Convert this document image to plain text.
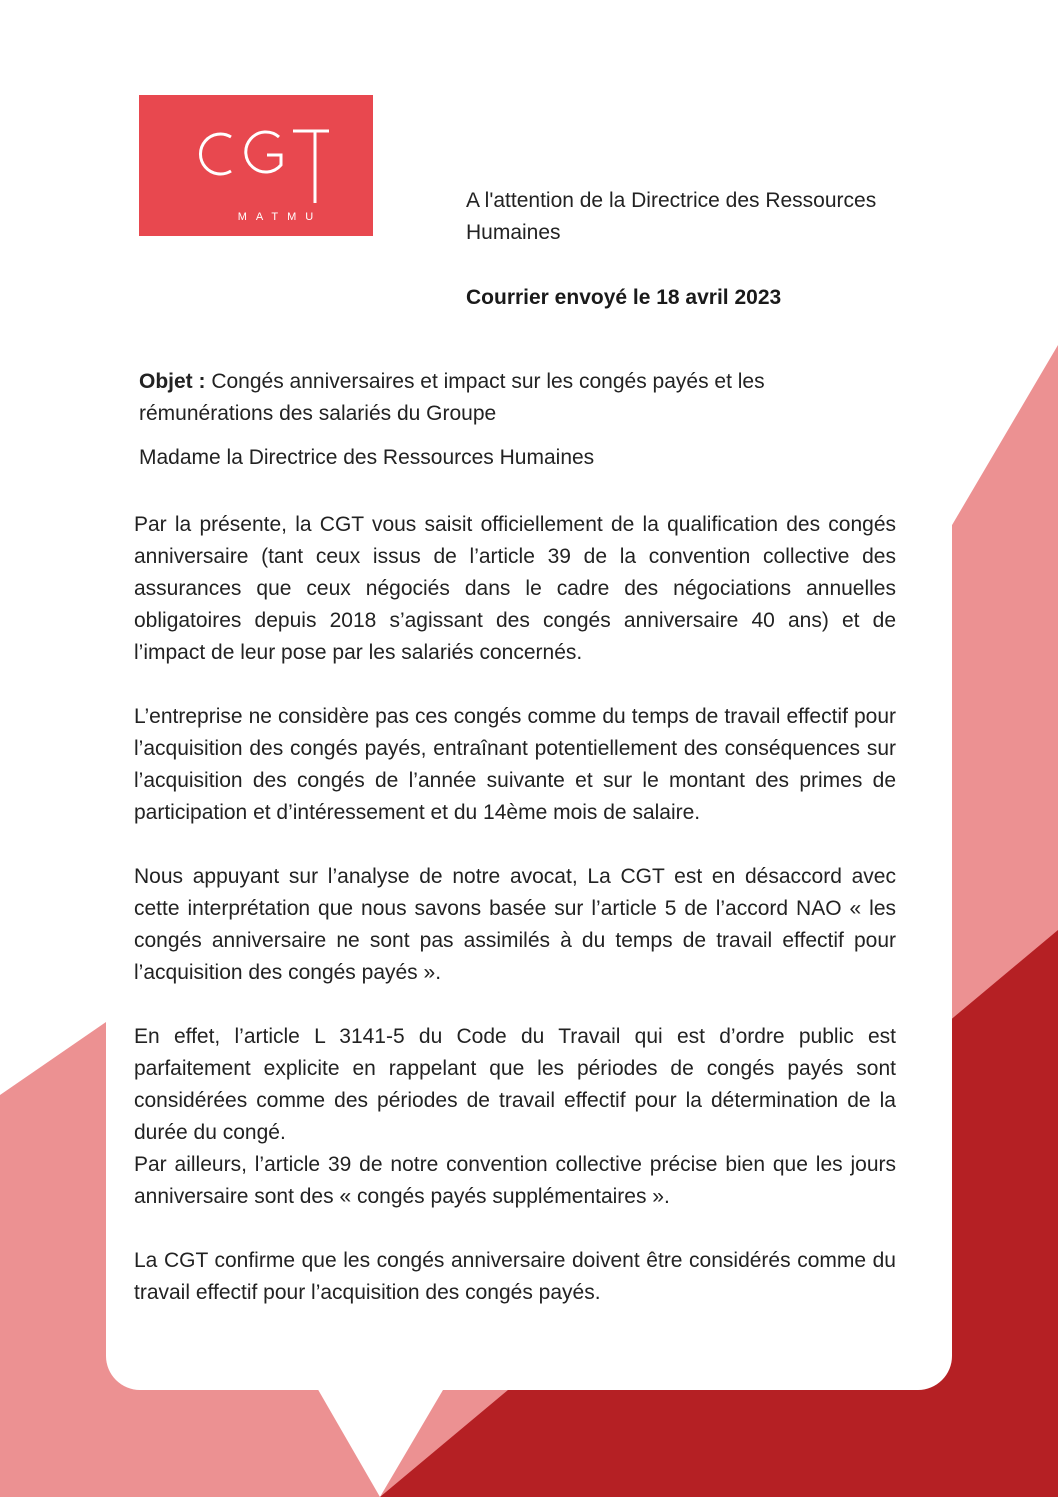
MATMU
A l'attention de la Directrice des Ressources Humaines
Courrier envoyé le 18 avril 2023
Objet : Congés anniversaires et impact sur les congés payés et les rémunérations des salariés du Groupe
Madame la Directrice des Ressources Humaines

Par la présente, la CGT vous saisit officiellement de la qualification des congés anniversaire (tant ceux issus de l’article 39 de la convention collective des assurances que ceux négociés dans le cadre des négociations annuelles obligatoires depuis 2018 s’agissant des congés anniversaire 40 ans) et de l’impact de leur pose par les salariés concernés.

L’entreprise ne considère pas ces congés comme du temps de travail effectif pour l’acquisition des congés payés, entraînant potentiellement des conséquences sur l’acquisition des congés de l’année suivante et sur le montant des primes de participation et d’intéressement et du 14ème mois de salaire.

Nous appuyant sur l’analyse de notre avocat, La CGT est en désaccord avec cette interprétation que nous savons basée sur l’article 5 de l’accord NAO « les congés anniversaire ne sont pas assimilés à du temps de travail effectif pour l’acquisition des congés payés ».

En effet, l’article L 3141-5 du Code du Travail qui est d’ordre public est parfaitement explicite en rappelant que les périodes de congés payés sont considérées comme des périodes de travail effectif pour la détermination de la durée du congé.

Par ailleurs, l’article 39 de notre convention collective précise bien que les jours anniversaire sont des « congés payés supplémentaires ».

La CGT confirme que les congés anniversaire doivent être considérés comme du travail effectif pour l’acquisition des congés payés.
